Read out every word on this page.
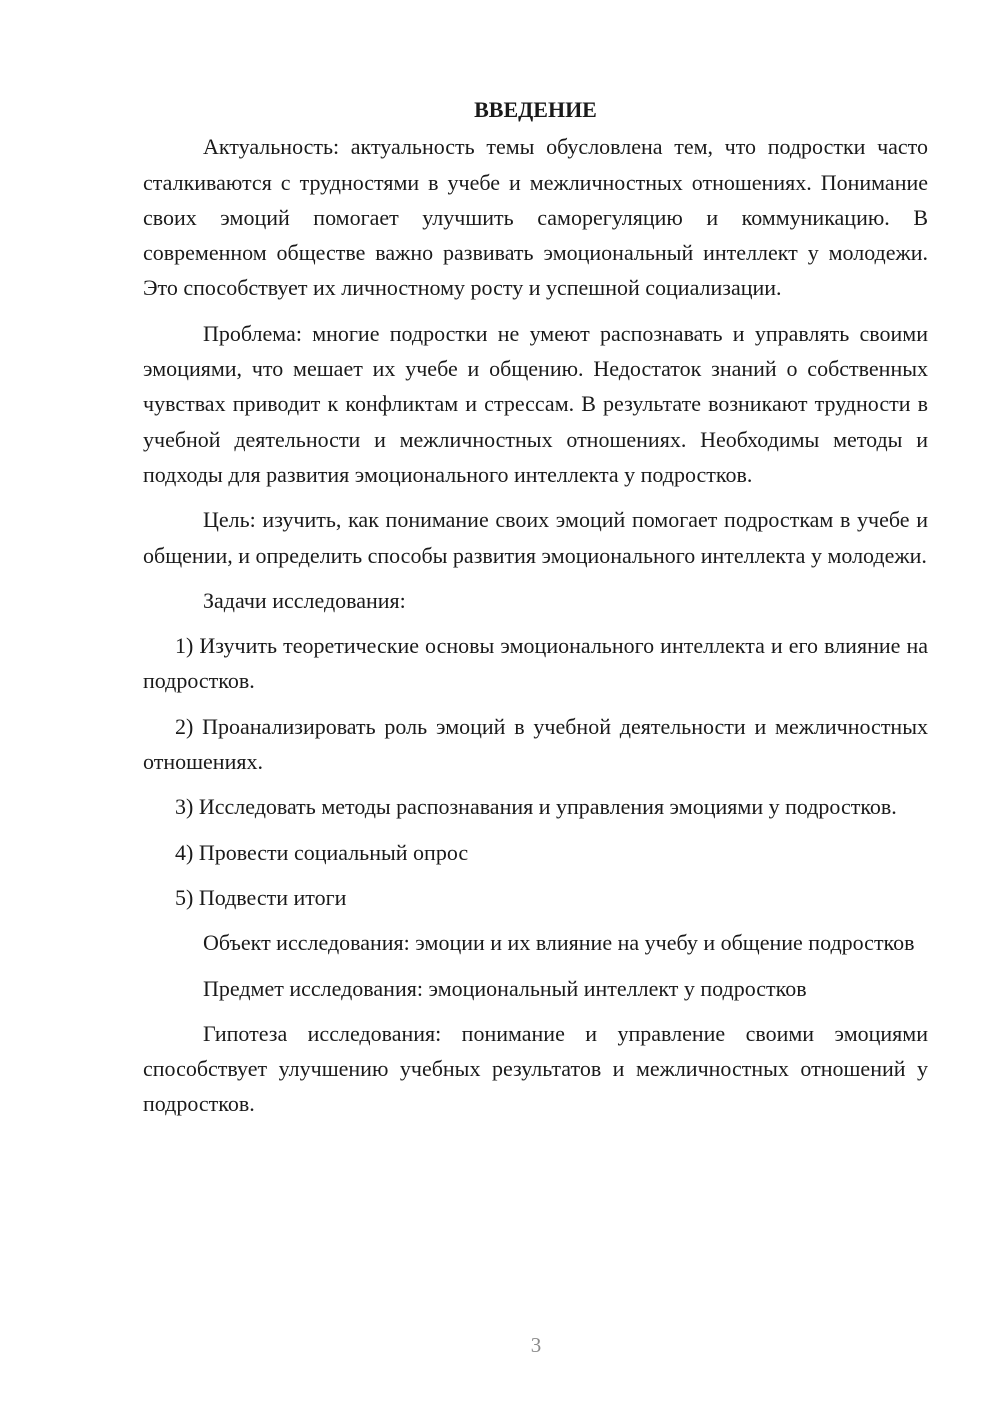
ВВЕДЕНИЕ

Актуальность: актуальность темы обусловлена тем, что подростки часто сталкиваются с трудностями в учебе и межличностных отношениях. Понимание своих эмоций помогает улучшить саморегуляцию и коммуникацию. В современном обществе важно развивать эмоциональный интеллект у молодежи. Это способствует их личностному росту и успешной социализации.

Проблема: многие подростки не умеют распознавать и управлять своими эмоциями, что мешает их учебе и общению. Недостаток знаний о собственных чувствах приводит к конфликтам и стрессам. В результате возникают трудности в учебной деятельности и межличностных отношениях. Необходимы методы и подходы для развития эмоционального интеллекта у подростков.

Цель: изучить, как понимание своих эмоций помогает подросткам в учебе и общении, и определить способы развития эмоционального интеллекта у молодежи.

Задачи исследования:

1) Изучить теоретические основы эмоционального интеллекта и его влияние на подростков.

2) Проанализировать роль эмоций в учебной деятельности и межличностных отношениях.

3) Исследовать методы распознавания и управления эмоциями у подростков.

4) Провести социальный опрос

5) Подвести итоги

Объект исследования: эмоции и их влияние на учебу и общение подростков

Предмет исследования: эмоциональный интеллект у подростков

Гипотеза исследования: понимание и управление своими эмоциями способствует улучшению учебных результатов и межличностных отношений у подростков.

3
